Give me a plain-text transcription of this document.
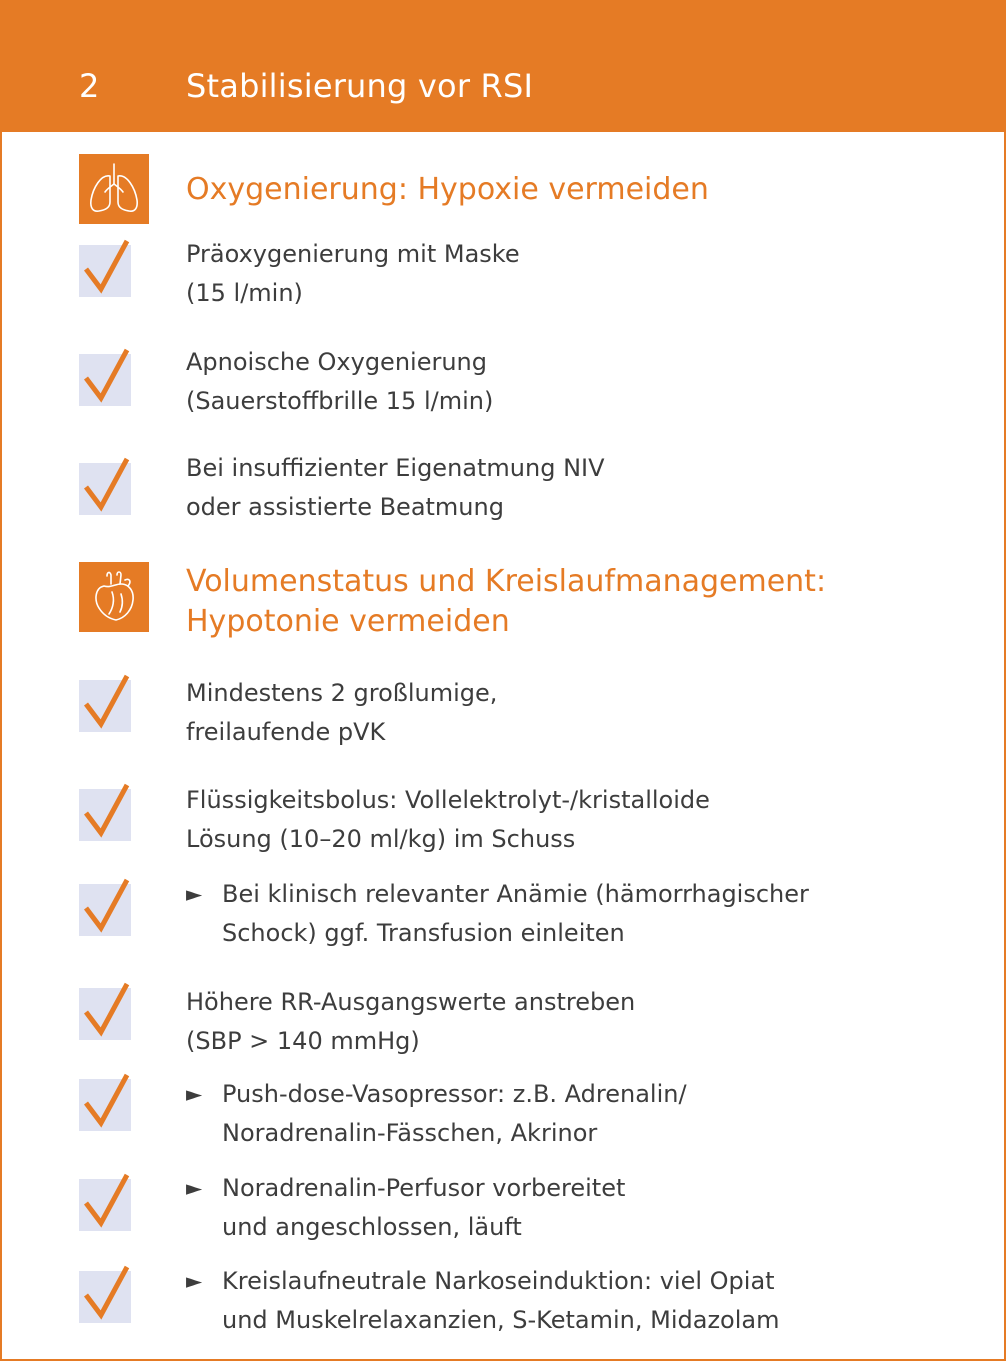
2	Stabilisierung vor RSI
Oxygenierung: Hypoxie vermeiden
Präoxygenierung mit Maske
(15 l/min)
Apnoische Oxygenierung
(Sauerstoffbrille 15 l/min)
Bei insuffizienter Eigenatmung NIV
oder assistierte Beatmung
Volumenstatus und Kreislaufmanagement:
Hypotonie vermeiden
Mindestens 2 großlumige,
freilaufende pVK
Flüssigkeitsbolus: Vollelektrolyt-/kristalloide
Lösung (10–20 ml/kg) im Schuss
► Bei klinisch relevanter Anämie (hämorrhagischer
Schock) ggf. Transfusion einleiten
Höhere RR-Ausgangswerte anstreben
(SBP > 140 mmHg)
► Push-dose-Vasopressor: z.B. Adrenalin/
Noradrenalin-Fässchen, Akrinor
► Noradrenalin-Perfusor vorbereitet
und angeschlossen, läuft
► Kreislaufneutrale Narkoseinduktion: viel Opiat
und Muskelrelaxanzien, S-Ketamin, Midazolam
